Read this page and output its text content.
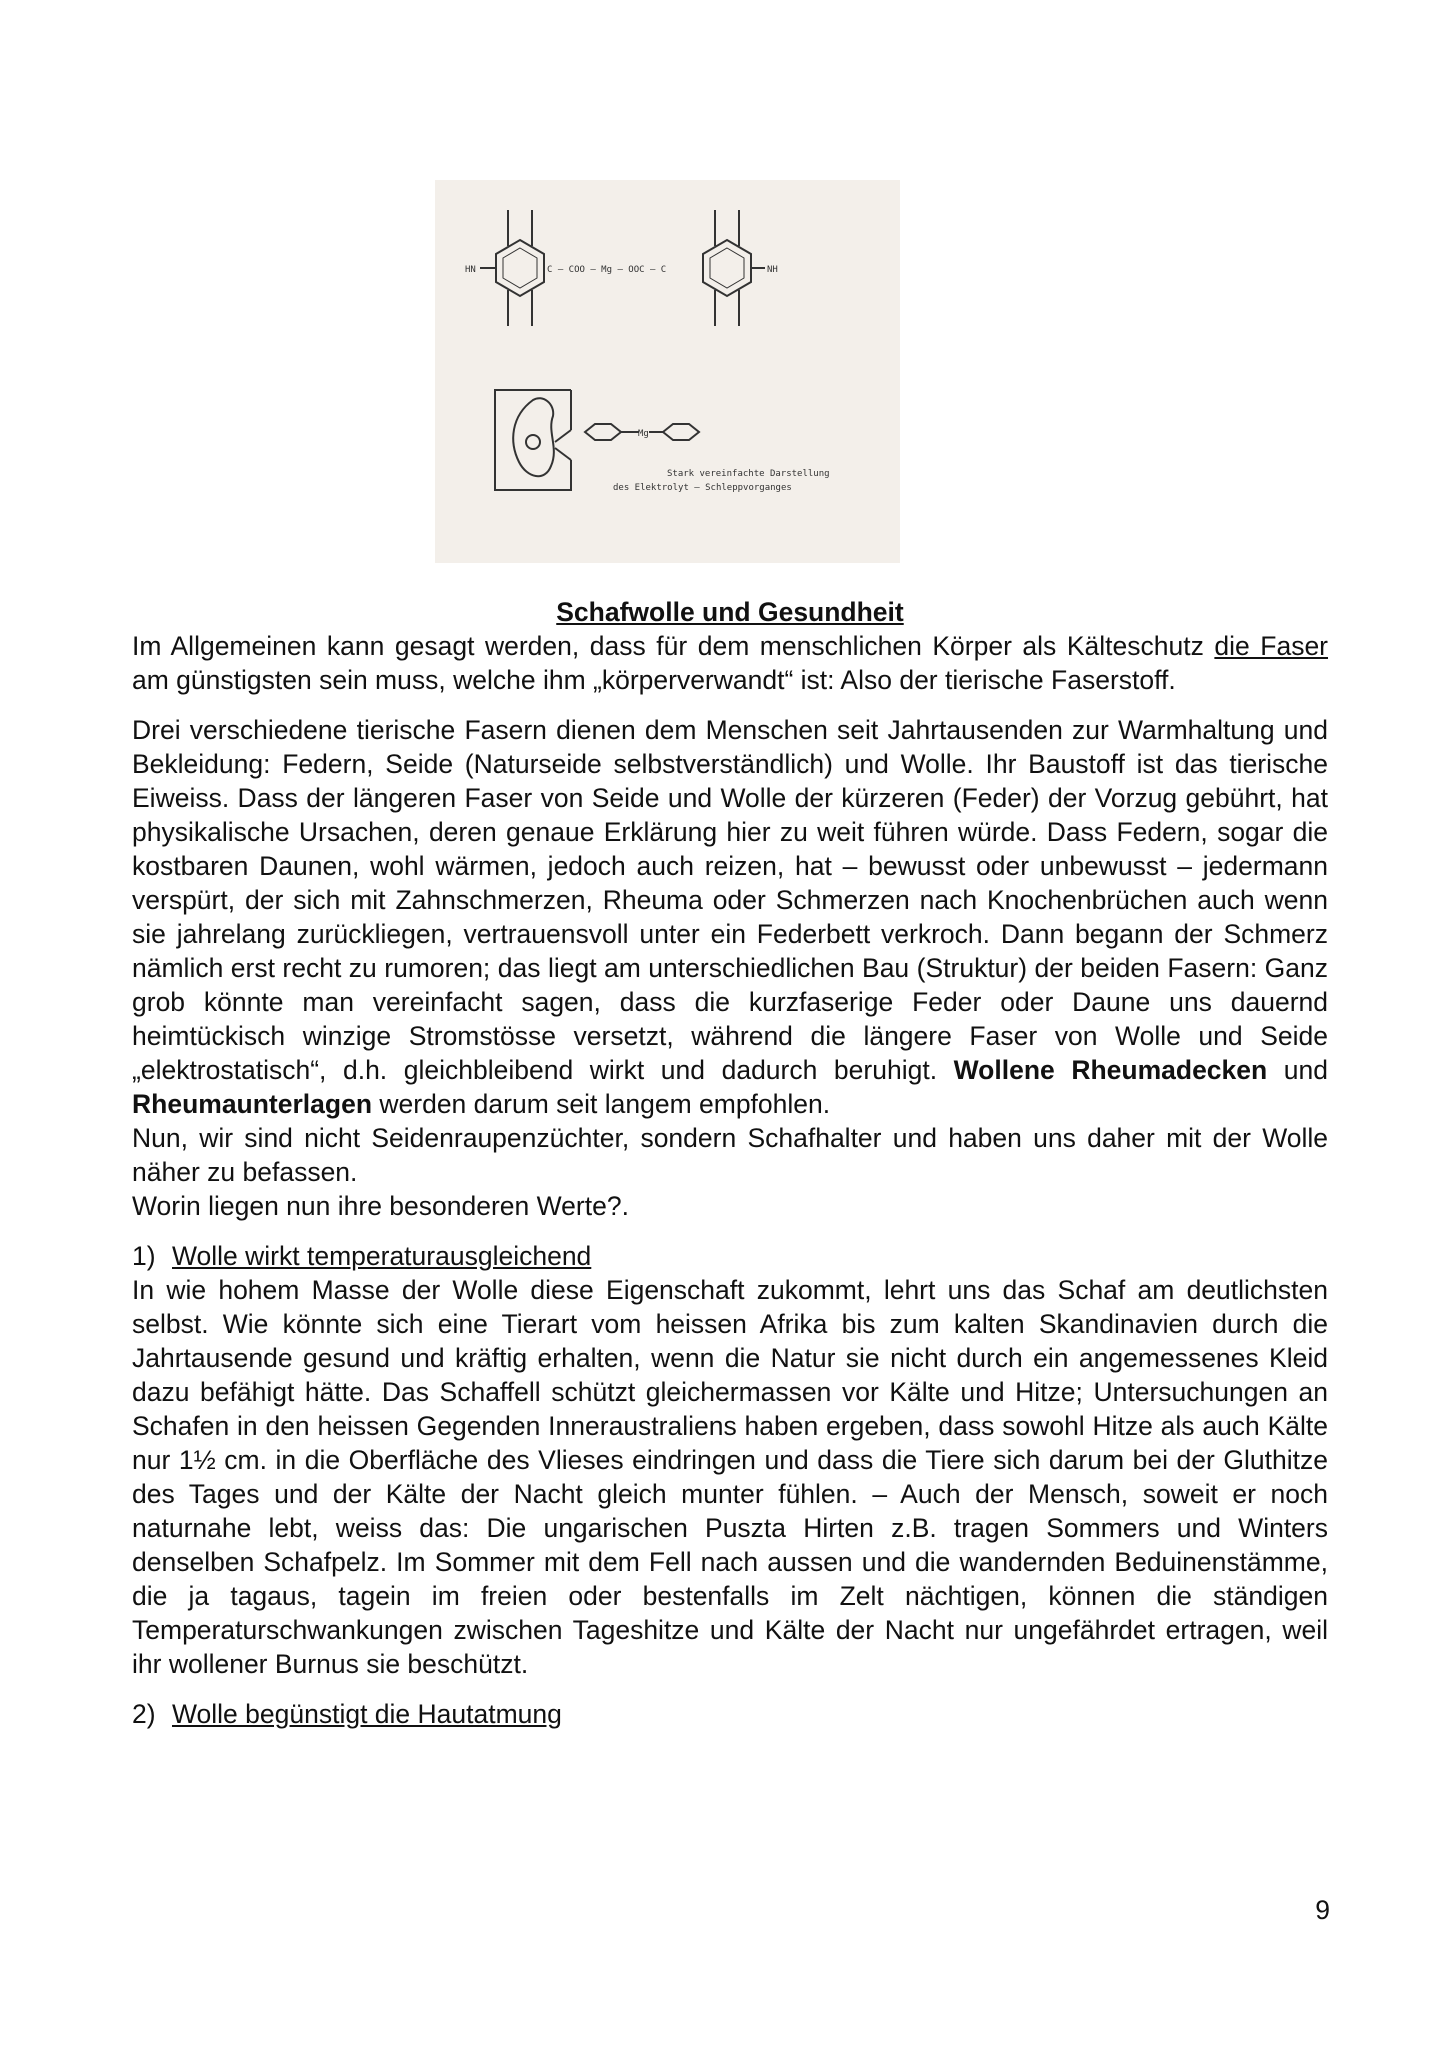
C – COO – Mg – OOC – C
HN	NH
Mg
Stark vereinfachte Darstellung
des Elektrolyt – Schleppvorganges
Schafwolle und Gesundheit

Im Allgemeinen kann gesagt werden, dass für dem menschlichen Körper als Kälteschutz die Faser am günstigsten sein muss, welche ihm „körperverwandt“ ist: Also der tierische Faserstoff.

Drei verschiedene tierische Fasern dienen dem Menschen seit Jahrtausenden zur Warmhaltung und Bekleidung: Federn, Seide (Naturseide selbstverständlich) und Wolle. Ihr Baustoff ist das tierische Eiweiss. Dass der längeren Faser von Seide und Wolle der kürzeren (Feder) der Vorzug gebührt, hat physikalische Ursachen, deren genaue Erklärung hier zu weit führen würde. Dass Federn, sogar die kostbaren Daunen, wohl wärmen, jedoch auch reizen, hat – bewusst oder unbewusst – jedermann verspürt, der sich mit Zahnschmerzen, Rheuma oder Schmerzen nach Knochenbrüchen auch wenn sie jahrelang zurückliegen, vertrauensvoll unter ein Federbett verkroch. Dann begann der Schmerz nämlich erst recht zu rumoren; das liegt am unterschiedlichen Bau (Struktur) der beiden Fasern: Ganz grob könnte man vereinfacht sagen, dass die kurzfaserige Feder oder Daune uns dauernd heimtückisch winzige Stromstösse versetzt, während die längere Faser von Wolle und Seide „elektrostatisch“, d.h. gleichbleibend wirkt und dadurch beruhigt. Wollene Rheumadecken und Rheumaunterlagen werden darum seit langem empfohlen.

Nun, wir sind nicht Seidenraupenzüchter, sondern Schafhalter und haben uns daher mit der Wolle näher zu befassen.

Worin liegen nun ihre besonderen Werte?.

1) Wolle wirkt temperaturausgleichend

In wie hohem Masse der Wolle diese Eigenschaft zukommt, lehrt uns das Schaf am deutlichsten selbst. Wie könnte sich eine Tierart vom heissen Afrika bis zum kalten Skandinavien durch die Jahrtausende gesund und kräftig erhalten, wenn die Natur sie nicht durch ein angemessenes Kleid dazu befähigt hätte. Das Schaffell schützt gleichermassen vor Kälte und Hitze; Untersuchungen an Schafen in den heissen Gegenden Inneraustraliens haben ergeben, dass sowohl Hitze als auch Kälte nur 1½ cm. in die Oberfläche des Vlieses eindringen und dass die Tiere sich darum bei der Gluthitze des Tages und der Kälte der Nacht gleich munter fühlen. – Auch der Mensch, soweit er noch naturnahe lebt, weiss das: Die ungarischen Puszta Hirten z.B. tragen Sommers und Winters denselben Schafpelz. Im Sommer mit dem Fell nach aussen und die wandernden Beduinenstämme, die ja tagaus, tagein im freien oder bestenfalls im Zelt nächtigen, können die ständigen Temperaturschwankungen zwischen Tageshitze und Kälte der Nacht nur ungefährdet ertragen, weil ihr wollener Burnus sie beschützt.

2) Wolle begünstigt die Hautatmung

9
